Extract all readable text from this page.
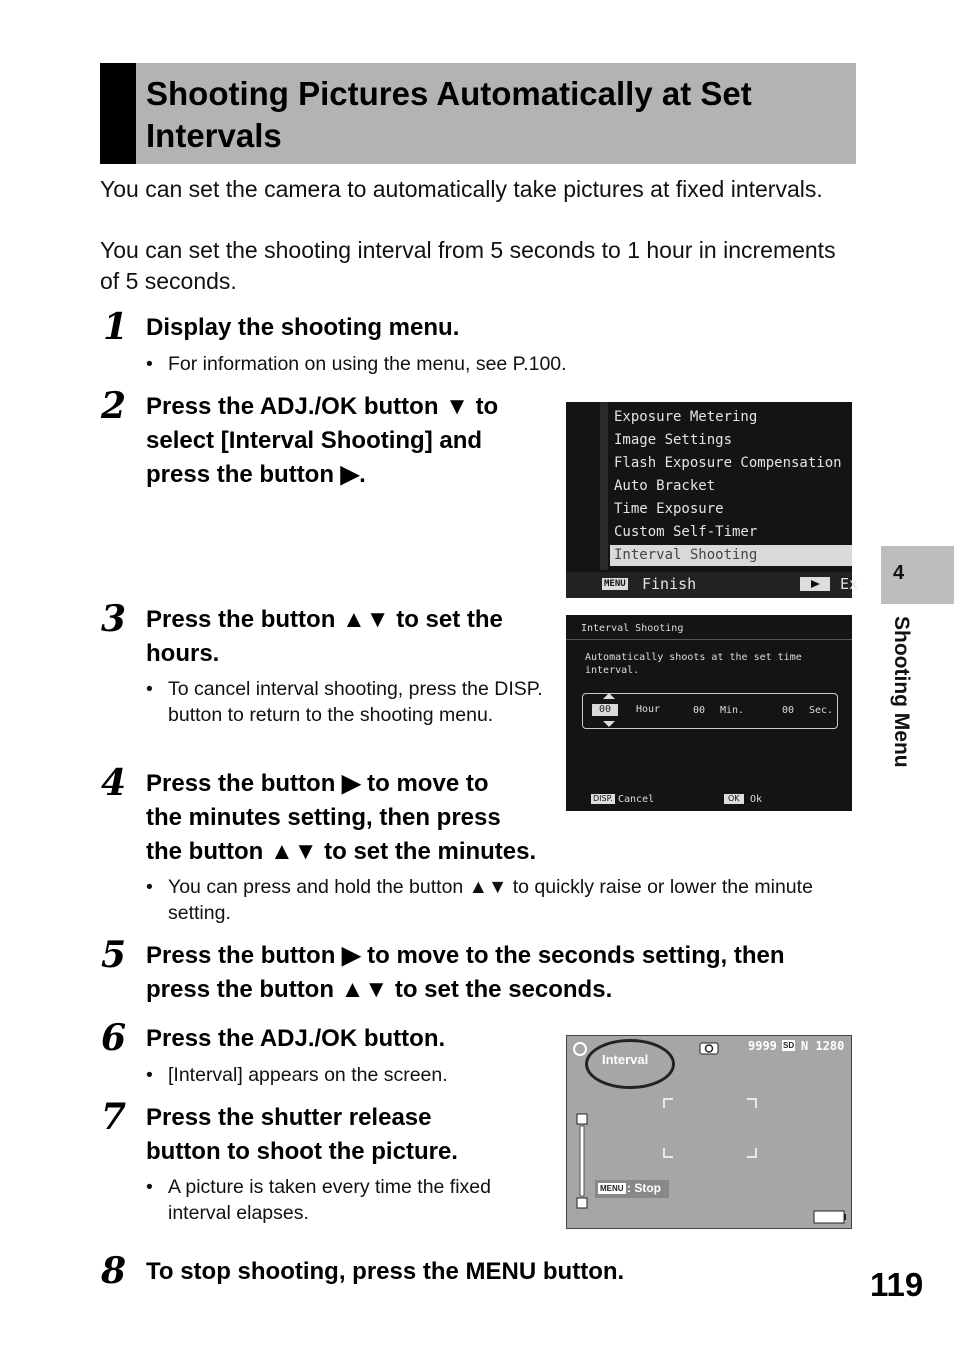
Shooting Pictures Automatically at Set Intervals
You can set the camera to automatically take pictures at fixed intervals.
You can set the shooting interval from 5 seconds to 1 hour in increments of 5 seconds.
1 Display the shooting menu.
• For information on using the menu, see P.100.
2 Press the ADJ./OK button ▼ to
select [Interval Shooting] and
press the button ▶.
Exposure Metering
Image Settings
Flash Exposure Compensation
Auto Bracket
Time Exposure
Custom Self-Timer
Interval Shooting
MENU Finish	Ex
3 Press the button ▲▼ to set the
hours.
• To cancel interval shooting, press the DISP. button to return to the shooting menu.
Interval Shooting
Automatically shoots at the set time
interval.
00	Hour	00 Min.	00 Sec.
DISP. Cancel	OK	Ok
4 Press the button ▶ to move to
the minutes setting, then press
the button ▲▼ to set the minutes.
• You can press and hold the button ▲▼ to quickly raise or lower the minute setting.
5 Press the button ▶ to move to the seconds setting, then
press the button ▲▼ to set the seconds.
6 Press the ADJ./OK button.
• [Interval] appears on the screen.
Interval
9999 SD N 1280
MENU : Stop
7 Press the shutter release
button to shoot the picture.
• A picture is taken every time the fixed interval elapses.
8 To stop shooting, press the MENU button.
4
Shooting Menu
119
